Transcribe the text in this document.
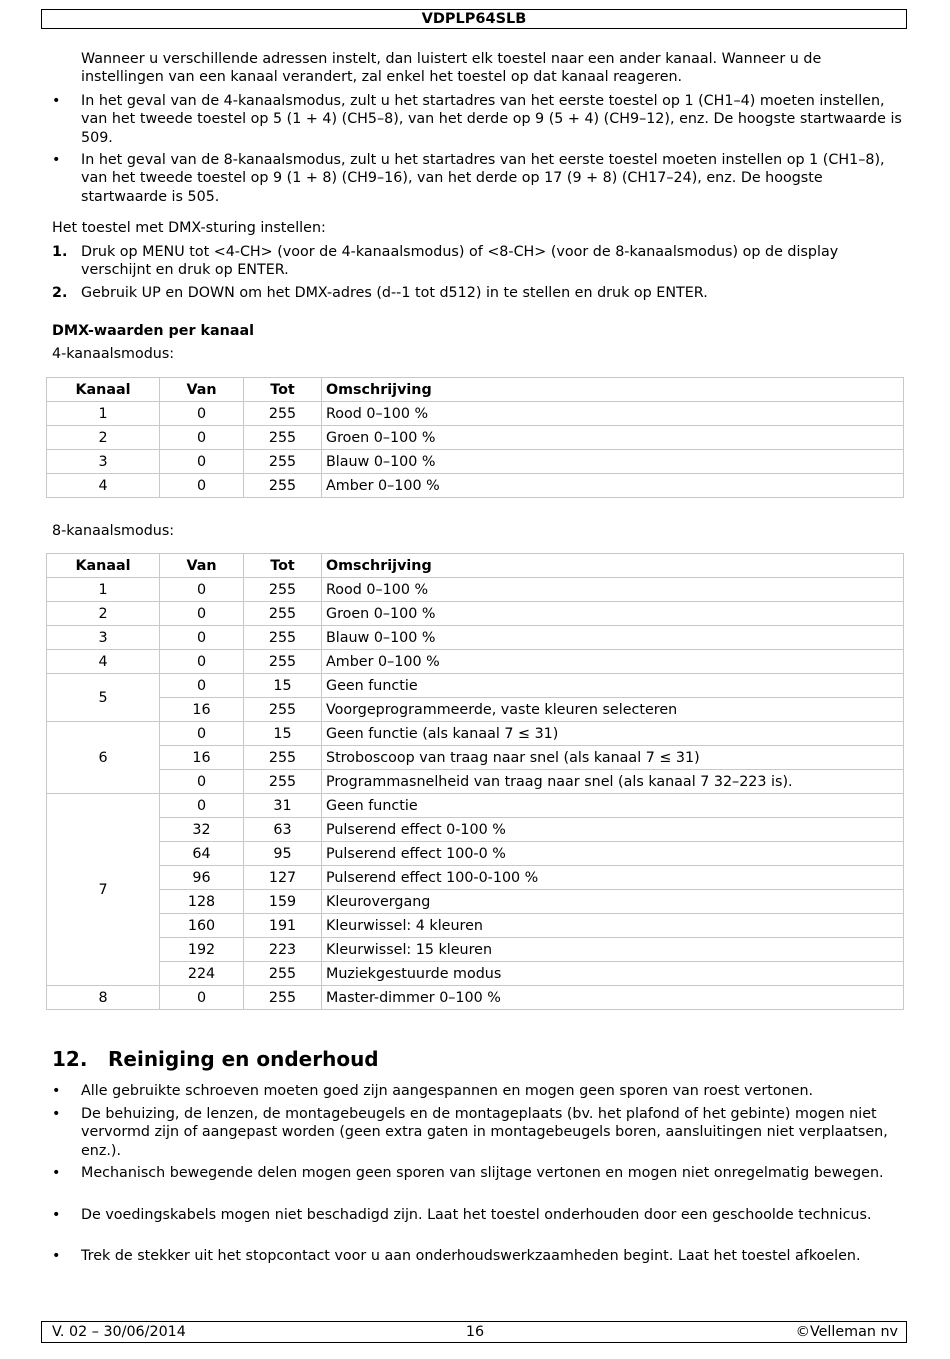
VDPLP64SLB

Wanneer u verschillende adressen instelt, dan luistert elk toestel naar een ander kanaal. Wanneer u de instellingen van een kanaal verandert, zal enkel het toestel op dat kanaal reageren.

•	In het geval van de 4-kanaalsmodus, zult u het startadres van het eerste toestel op 1 (CH1–4) moeten instellen, van het tweede toestel op 5 (1 + 4) (CH5–8), van het derde op 9 (5 + 4) (CH9–12), enz. De hoogste startwaarde is 509.
•	In het geval van de 8-kanaalsmodus, zult u het startadres van het eerste toestel moeten instellen op 1 (CH1–8), van het tweede toestel op 9 (1 + 8) (CH9–16), van het derde op 17 (9 + 8) (CH17–24), enz. De hoogste startwaarde is 505.

Het toestel met DMX-sturing instellen:

1. Druk op MENU tot <4-CH> (voor de 4-kanaalsmodus) of <8-CH> (voor de 8-kanaalsmodus) op de display verschijnt en druk op ENTER.
2. Gebruik UP en DOWN om het DMX-adres (d--1 tot d512) in te stellen en druk op ENTER.

DMX-waarden per kanaal

4-kanaalsmodus:

Kanaal	Van	Tot	Omschrijving
1	0	255	Rood 0–100 %
2	0	255	Groen 0–100 %
3	0	255	Blauw 0–100 %
4	0	255	Amber 0–100 %

8-kanaalsmodus:

Kanaal	Van	Tot	Omschrijving
1	0	255	Rood 0–100 %
2	0	255	Groen 0–100 %
3	0	255	Blauw 0–100 %
4	0	255	Amber 0–100 %
5	0	15	Geen functie
	16	255	Voorgeprogrammeerde, vaste kleuren selecteren
6	0	15	Geen functie (als kanaal 7 ≤ 31)
	16	255	Stroboscoop van traag naar snel (als kanaal 7 ≤ 31)
	0	255	Programmasnelheid van traag naar snel (als kanaal 7 32–223 is).
7	0	31	Geen functie
	32	63	Pulserend effect 0-100 %
	64	95	Pulserend effect 100-0 %
	96	127	Pulserend effect 100-0-100 %
	128	159	Kleurovergang
	160	191	Kleurwissel: 4 kleuren
	192	223	Kleurwissel: 15 kleuren
	224	255	Muziekgestuurde modus
8	0	255	Master-dimmer 0–100 %
12. Reiniging en onderhoud
•	Alle gebruikte schroeven moeten goed zijn aangespannen en mogen geen sporen van roest vertonen.
•	De behuizing, de lenzen, de montagebeugels en de montageplaats (bv. het plafond of het gebinte) mogen niet vervormd zijn of aangepast worden (geen extra gaten in montagebeugels boren, aansluitingen niet verplaatsen, enz.).
•	Mechanisch bewegende delen mogen geen sporen van slijtage vertonen en mogen niet onregelmatig bewegen.
•	De voedingskabels mogen niet beschadigd zijn. Laat het toestel onderhouden door een geschoolde technicus.
•	Trek de stekker uit het stopcontact voor u aan onderhoudswerkzaamheden begint. Laat het toestel afkoelen.
16
V. 02 – 30/06/2014	©Velleman nv
